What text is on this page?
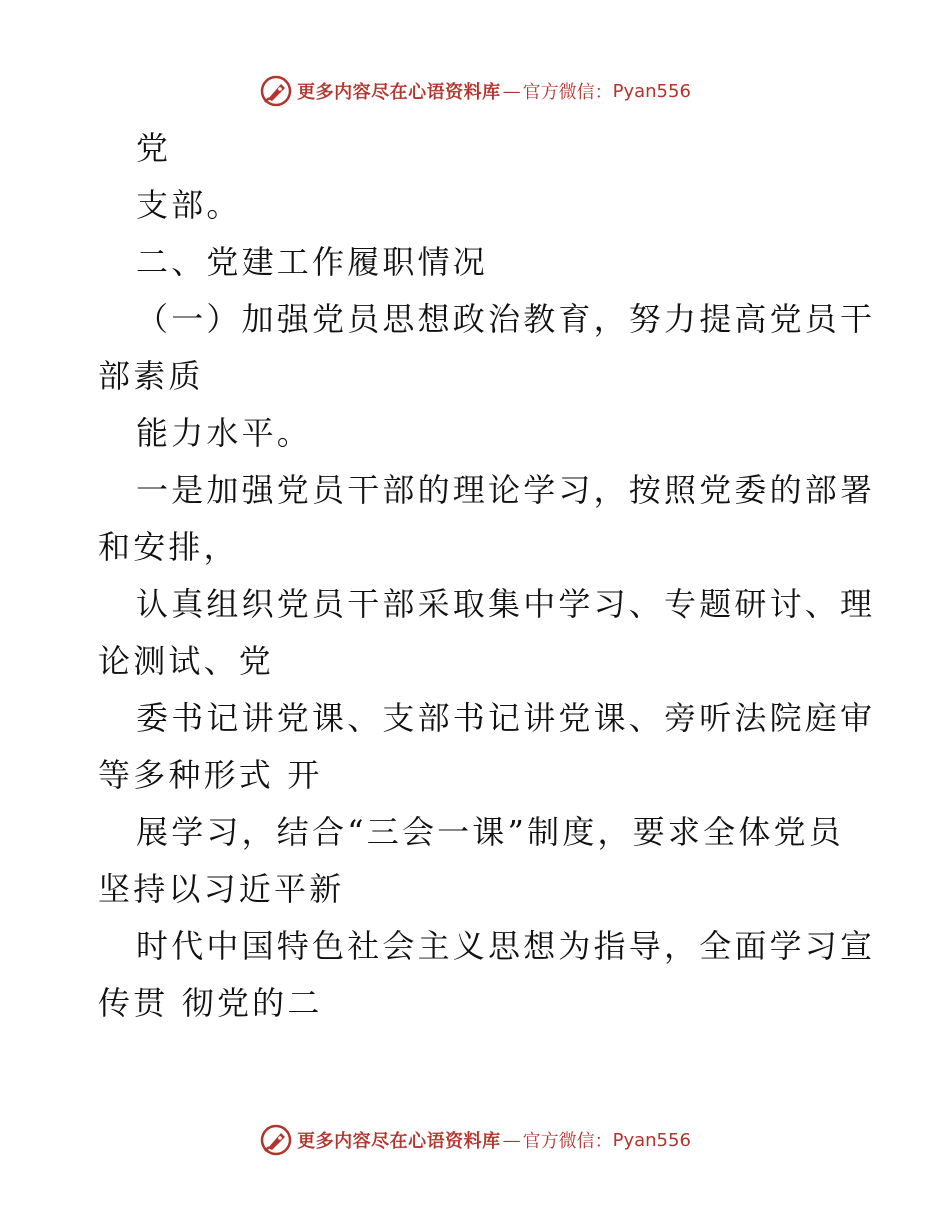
更多内容尽在心语资料库 — 官方微信： Pyan556
党
支部。
二、党建工作履职情况
（一）加强党员思想政治教育，努力提高党员干
部素质
能力水平。
一是加强党员干部的理论学习，按照党委的部署
和安排，
认真组织党员干部采取集中学习、专题研讨、理
论测试、党
委书记讲党课、支部书记讲党课、旁听法院庭审
等多种形式 开
展学习，结合“三会一课”制度，要求全体党员
坚持以习近平新
时代中国特色社会主义思想为指导，全面学习宣
传贯 彻党的二
更多内容尽在心语资料库 — 官方微信： Pyan556
